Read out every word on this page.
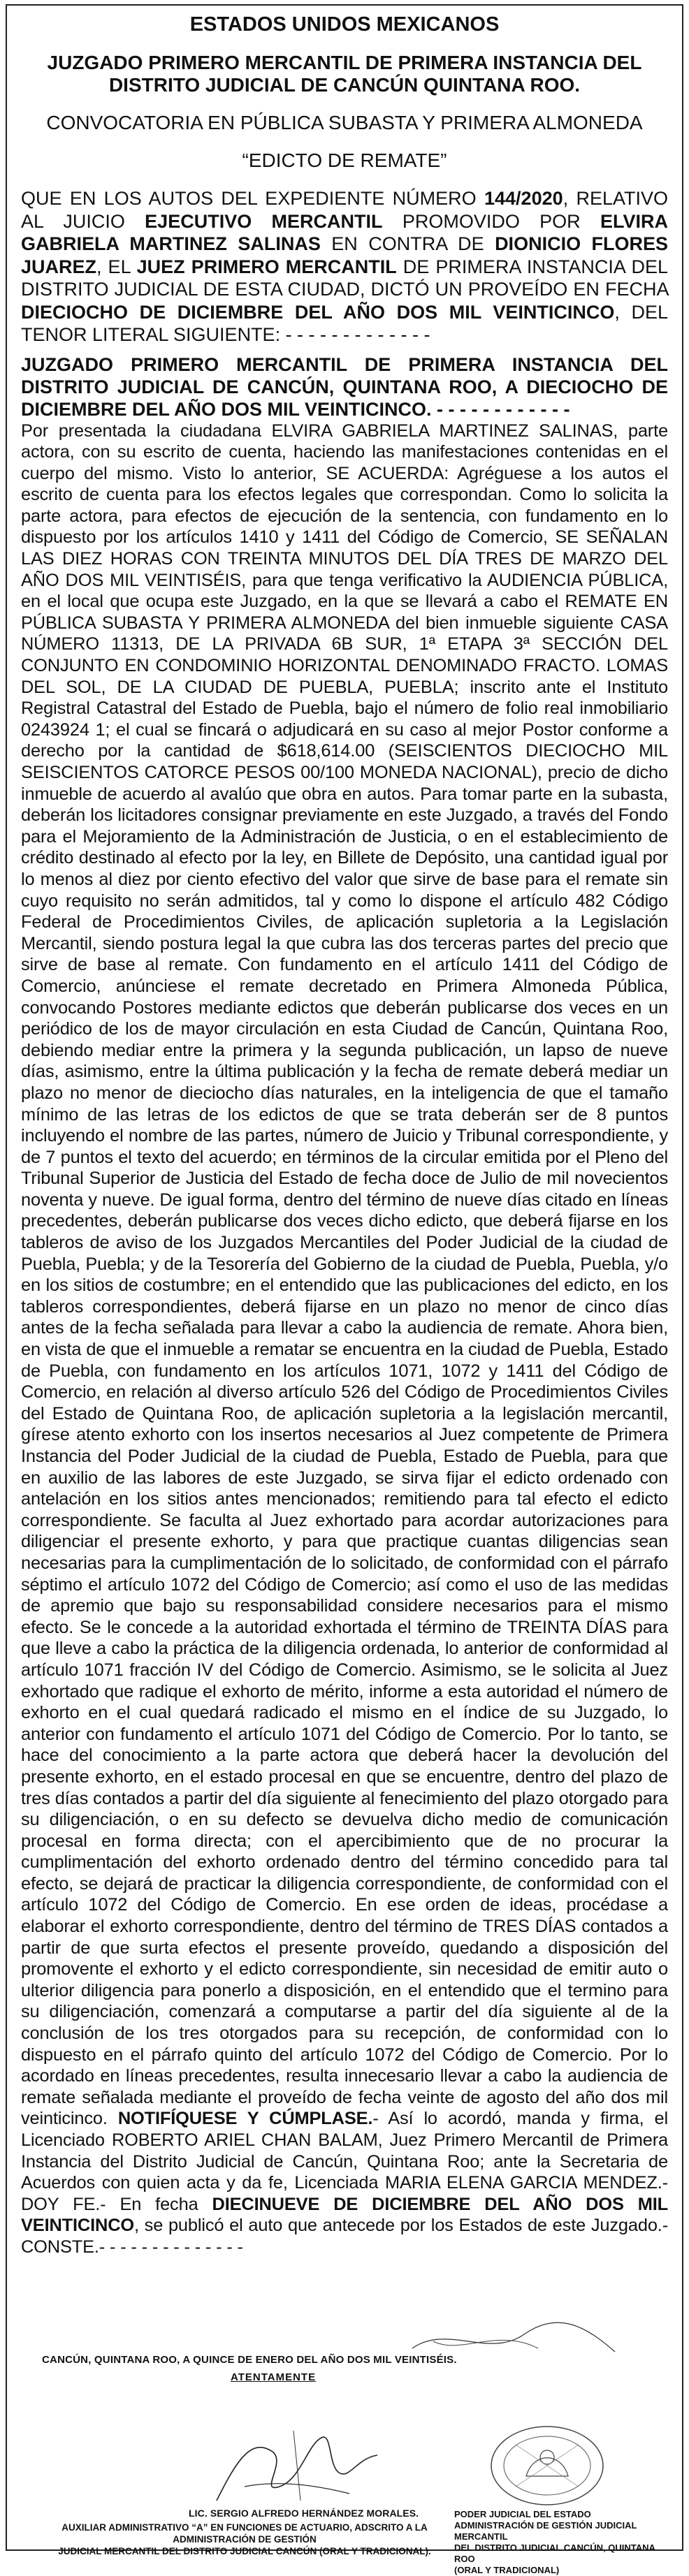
ESTADOS UNIDOS MEXICANOS
JUZGADO PRIMERO MERCANTIL DE PRIMERA INSTANCIA DEL DISTRITO JUDICIAL DE CANCÚN QUINTANA ROO.
CONVOCATORIA EN PÚBLICA SUBASTA Y PRIMERA ALMONEDA
“EDICTO DE REMATE”

QUE EN LOS AUTOS DEL EXPEDIENTE NÚMERO 144/2020, RELATIVO AL JUICIO EJECUTIVO MERCANTIL PROMOVIDO POR ELVIRA GABRIELA MARTINEZ SALINAS EN CONTRA DE DIONICIO FLORES JUAREZ, EL JUEZ PRIMERO MERCANTIL DE PRIMERA INSTANCIA DEL DISTRITO JUDICIAL DE ESTA CIUDAD, DICTÓ UN PROVEÍDO EN FECHA DIECIOCHO DE DICIEMBRE DEL AÑO DOS MIL VEINTICINCO, DEL TENOR LITERAL SIGUIENTE: - - - - - - - - - - - - -

JUZGADO PRIMERO MERCANTIL DE PRIMERA INSTANCIA DEL DISTRITO JUDICIAL DE CANCÚN, QUINTANA ROO, A DIECIOCHO DE DICIEMBRE DEL AÑO DOS MIL VEINTICINCO. - - - - - - - - - - - -

Por presentada la ciudadana ELVIRA GABRIELA MARTINEZ SALINAS, parte actora, con su escrito de cuenta, haciendo las manifestaciones contenidas en el cuerpo del mismo. Visto lo anterior, SE ACUERDA: Agréguese a los autos el escrito de cuenta para los efectos legales que correspondan. Como lo solicita la parte actora, para efectos de ejecución de la sentencia, con fundamento en lo dispuesto por los artículos 1410 y 1411 del Código de Comercio, SE SEÑALAN LAS DIEZ HORAS CON TREINTA MINUTOS DEL DÍA TRES DE MARZO DEL AÑO DOS MIL VEINTISÉIS, para que tenga verificativo la AUDIENCIA PÚBLICA, en el local que ocupa este Juzgado, en la que se llevará a cabo el REMATE EN PÚBLICA SUBASTA Y PRIMERA ALMONEDA del bien inmueble siguiente CASA NÚMERO 11313, DE LA PRIVADA 6B SUR, 1ª ETAPA 3ª SECCIÓN DEL CONJUNTO EN CONDOMINIO HORIZONTAL DENOMINADO FRACTO. LOMAS DEL SOL, DE LA CIUDAD DE PUEBLA, PUEBLA; inscrito ante el Instituto Registral Catastral del Estado de Puebla, bajo el número de folio real inmobiliario 0243924 1; el cual se fincará o adjudicará en su caso al mejor Postor conforme a derecho por la cantidad de $618,614.00 (SEISCIENTOS DIECIOCHO MIL SEISCIENTOS CATORCE PESOS 00/100 MONEDA NACIONAL), precio de dicho inmueble de acuerdo al avalúo que obra en autos. Para tomar parte en la subasta, deberán los licitadores consignar previamente en este Juzgado, a través del Fondo para el Mejoramiento de la Administración de Justicia, o en el establecimiento de crédito destinado al efecto por la ley, en Billete de Depósito, una cantidad igual por lo menos al diez por ciento efectivo del valor que sirve de base para el remate sin cuyo requisito no serán admitidos, tal y como lo dispone el artículo 482 Código Federal de Procedimientos Civiles, de aplicación supletoria a la Legislación Mercantil, siendo postura legal la que cubra las dos terceras partes del precio que sirve de base al remate. Con fundamento en el artículo 1411 del Código de Comercio, anúnciese el remate decretado en Primera Almoneda Pública, convocando Postores mediante edictos que deberán publicarse dos veces en un periódico de los de mayor circulación en esta Ciudad de Cancún, Quintana Roo, debiendo mediar entre la primera y la segunda publicación, un lapso de nueve días, asimismo, entre la última publicación y la fecha de remate deberá mediar un plazo no menor de dieciocho días naturales, en la inteligencia de que el tamaño mínimo de las letras de los edictos de que se trata deberán ser de 8 puntos incluyendo el nombre de las partes, número de Juicio y Tribunal correspondiente, y de 7 puntos el texto del acuerdo; en términos de la circular emitida por el Pleno del Tribunal Superior de Justicia del Estado de fecha doce de Julio de mil novecientos noventa y nueve. De igual forma, dentro del término de nueve días citado en líneas precedentes, deberán publicarse dos veces dicho edicto, que deberá fijarse en los tableros de aviso de los Juzgados Mercantiles del Poder Judicial de la ciudad de Puebla, Puebla; y de la Tesorería del Gobierno de la ciudad de Puebla, Puebla, y/o en los sitios de costumbre; en el entendido que las publicaciones del edicto, en los tableros correspondientes, deberá fijarse en un plazo no menor de cinco días antes de la fecha señalada para llevar a cabo la audiencia de remate. Ahora bien, en vista de que el inmueble a rematar se encuentra en la ciudad de Puebla, Estado de Puebla, con fundamento en los artículos 1071, 1072 y 1411 del Código de Comercio, en relación al diverso artículo 526 del Código de Procedimientos Civiles del Estado de Quintana Roo, de aplicación supletoria a la legislación mercantil, gírese atento exhorto con los insertos necesarios al Juez competente de Primera Instancia del Poder Judicial de la ciudad de Puebla, Estado de Puebla, para que en auxilio de las labores de este Juzgado, se sirva fijar el edicto ordenado con antelación en los sitios antes mencionados; remitiendo para tal efecto el edicto correspondiente. Se faculta al Juez exhortado para acordar autorizaciones para diligenciar el presente exhorto, y para que practique cuantas diligencias sean necesarias para la cumplimentación de lo solicitado, de conformidad con el párrafo séptimo el artículo 1072 del Código de Comercio; así como el uso de las medidas de apremio que bajo su responsabilidad considere necesarios para el mismo efecto. Se le concede a la autoridad exhortada el término de TREINTA DÍAS para que lleve a cabo la práctica de la diligencia ordenada, lo anterior de conformidad al artículo 1071 fracción IV del Código de Comercio. Asimismo, se le solicita al Juez exhortado que radique el exhorto de mérito, informe a esta autoridad el número de exhorto en el cual quedará radicado el mismo en el índice de su Juzgado, lo anterior con fundamento el artículo 1071 del Código de Comercio. Por lo tanto, se hace del conocimiento a la parte actora que deberá hacer la devolución del presente exhorto, en el estado procesal en que se encuentre, dentro del plazo de tres días contados a partir del día siguiente al fenecimiento del plazo otorgado para su diligenciación, o en su defecto se devuelva dicho medio de comunicación procesal en forma directa; con el apercibimiento que de no procurar la cumplimentación del exhorto ordenado dentro del término concedido para tal efecto, se dejará de practicar la diligencia correspondiente, de conformidad con el artículo 1072 del Código de Comercio. En ese orden de ideas, procédase a elaborar el exhorto correspondiente, dentro del término de TRES DÍAS contados a partir de que surta efectos el presente proveído, quedando a disposición del promovente el exhorto y el edicto correspondiente, sin necesidad de emitir auto o ulterior diligencia para ponerlo a disposición, en el entendido que el termino para su diligenciación, comenzará a computarse a partir del día siguiente al de la conclusión de los tres otorgados para su recepción, de conformidad con lo dispuesto en el párrafo quinto del artículo 1072 del Código de Comercio. Por lo acordado en líneas precedentes, resulta innecesario llevar a cabo la audiencia de remate señalada mediante el proveído de fecha veinte de agosto del año dos mil veinticinco. NOTIFÍQUESE Y CÚMPLASE.- Así lo acordó, manda y firma, el Licenciado ROBERTO ARIEL CHAN BALAM, Juez Primero Mercantil de Primera Instancia del Distrito Judicial de Cancún, Quintana Roo; ante la Secretaria de Acuerdos con quien acta y da fe, Licenciada MARIA ELENA GARCIA MENDEZ.- DOY FE.- En fecha DIECINUEVE DE DICIEMBRE DEL AÑO DOS MIL VEINTICINCO, se publicó el auto que antecede por los Estados de este Juzgado.-CONSTE.- - - - - - - - - - - - - -

CANCÚN, QUINTANA ROO, A QUINCE DE ENERO DEL AÑO DOS MIL VEINTISÉIS.
ATENTAMENTE
LIC. SERGIO ALFREDO HERNÁNDEZ MORALES.
AUXILIAR ADMINISTRATIVO “A” EN FUNCIONES DE ACTUARIO, ADSCRITO A LA ADMINISTRACIÓN DE GESTIÓN
JUDICIAL MERCANTIL DEL DISTRITO JUDICIAL CANCÚN (ORAL Y TRADICIONAL).
PODER JUDICIAL DEL ESTADO
ADMINISTRACIÓN DE GESTIÓN JUDICIAL MERCANTIL
DEL DISTRITO JUDICIAL CANCÚN, QUINTANA ROO
(ORAL Y TRADICIONAL)
